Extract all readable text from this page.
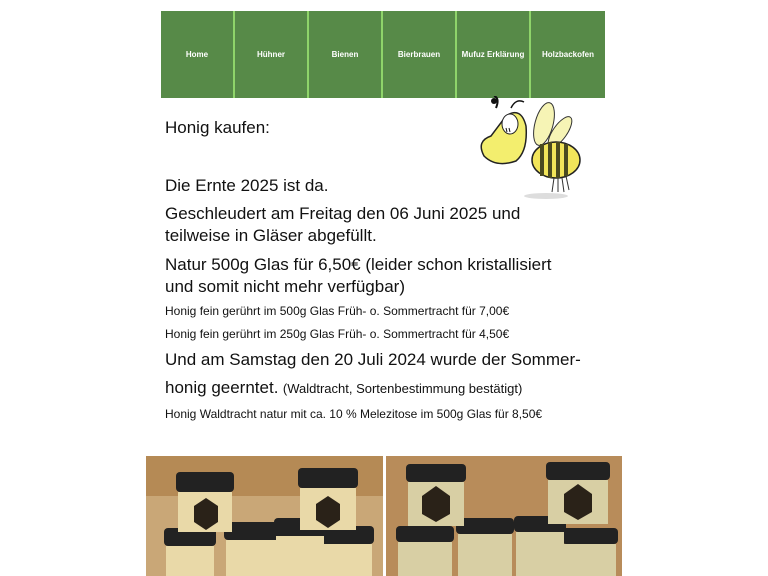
Home	Hühner	Bienen	Bierbrauen	Mufuz Erklärung	Holzbackofen
Honig kaufen:
Die Ernte 2025 ist da.
Geschleudert am Freitag den 06 Juni 2025 und
teilweise in Gläser abgefüllt.
Natur 500g Glas für 6,50€ (leider schon kristallisiert
und somit nicht mehr verfügbar)
Honig fein gerührt im 500g Glas Früh- o. Sommertracht für 7,00€
Honig fein gerührt im 250g Glas Früh- o. Sommertracht für 4,50€
Und am Samstag den 20 Juli 2024 wurde der Sommer-
honig geerntet. (Waldtracht, Sortenbestimmung bestätigt)
Honig Waldtracht natur mit ca. 10 % Melezitose im 500g Glas für 8,50€
